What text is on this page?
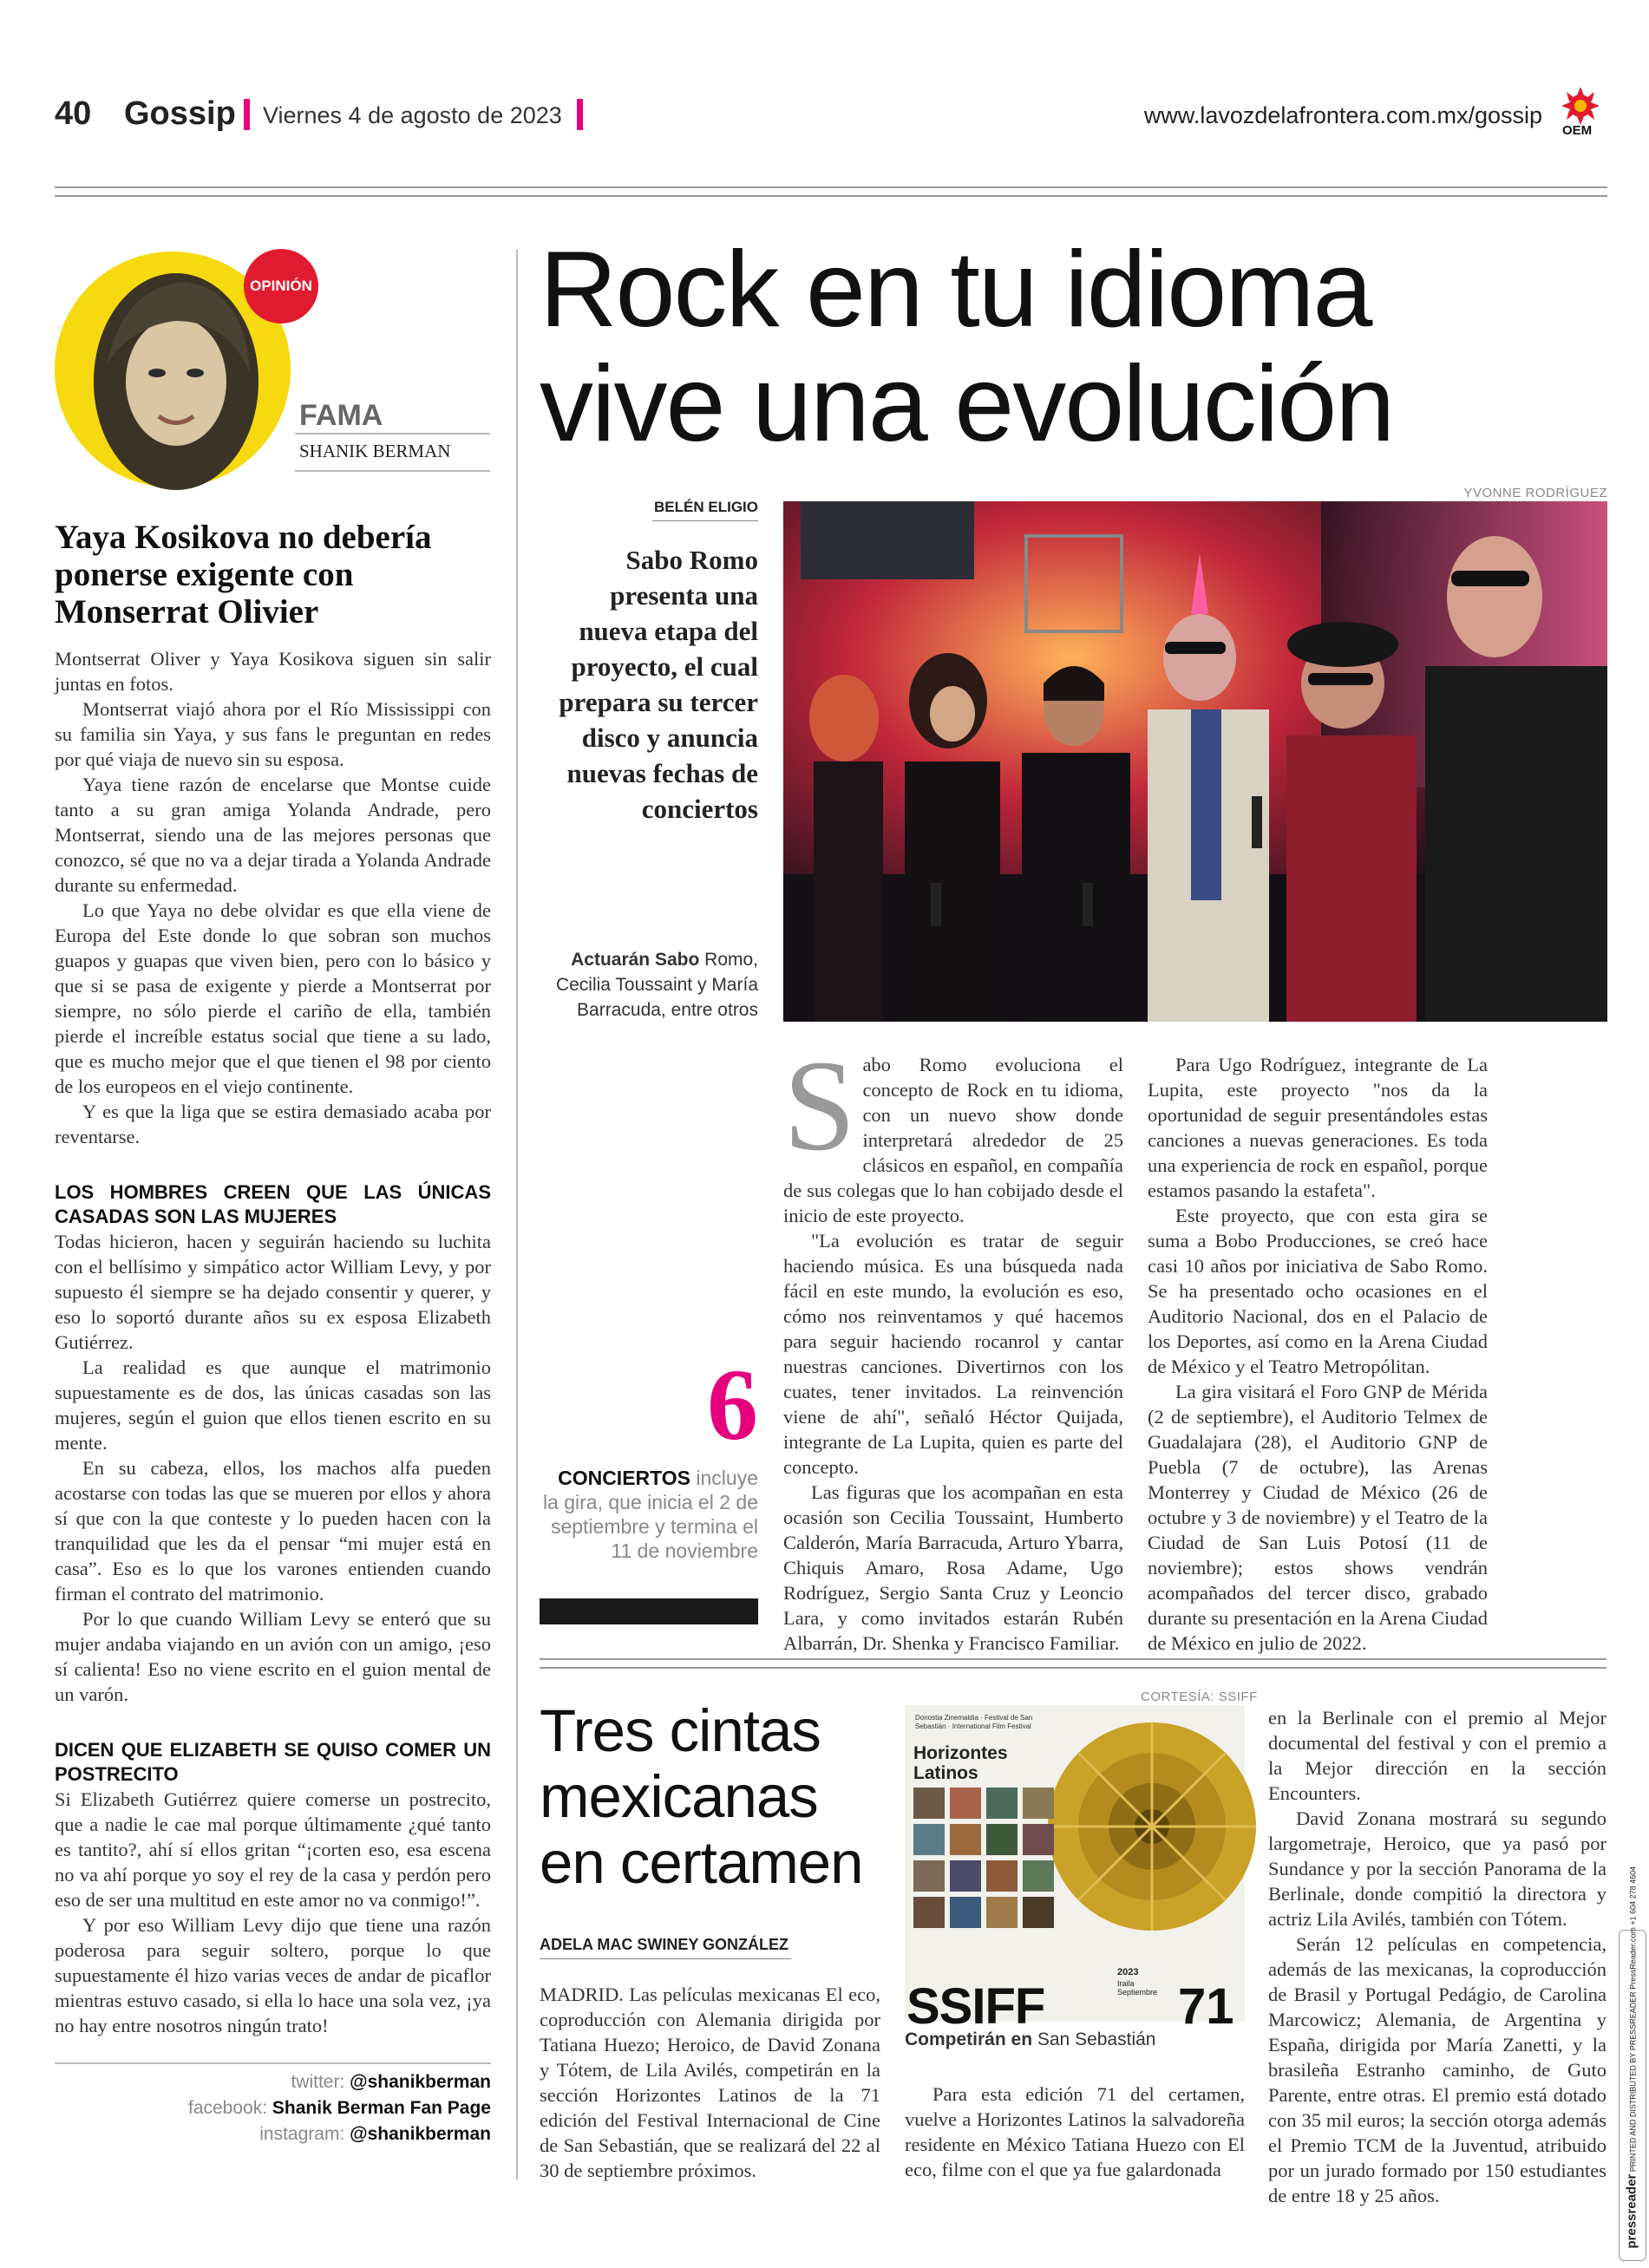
40 Gossip Viernes 4 de agosto de 2023	www.lavozdelafrontera.com.mx/gossip
OEM
OPINIÓN
FAMA
SHANIK BERMAN
Yaya Kosikova no debería ponerse exigente con Monserrat Olivier

Montserrat Oliver y Yaya Kosikova siguen sin salir juntas en fotos.

Montserrat viajó ahora por el Río Mississippi con su familia sin Yaya, y sus fans le preguntan en redes por qué viaja de nuevo sin su esposa.

Yaya tiene razón de encelarse que Montse cuide tanto a su gran amiga Yolanda Andrade, pero Montserrat, siendo una de las mejores personas que conozco, sé que no va a dejar tirada a Yolanda Andrade durante su enfermedad.

Lo que Yaya no debe olvidar es que ella viene de Europa del Este donde lo que sobran son muchos guapos y guapas que viven bien, pero con lo básico y que si se pasa de exigente y pierde a Montserrat por siempre, no sólo pierde el cariño de ella, también pierde el increíble estatus social que tiene a su lado, que es mucho mejor que el que tienen el 98 por ciento de los europeos en el viejo continente.

Y es que la liga que se estira demasiado acaba por reventarse.

LOS HOMBRES CREEN QUE LAS ÚNICAS CASADAS SON LAS MUJERES

Todas hicieron, hacen y seguirán haciendo su luchita con el bellísimo y simpático actor William Levy, y por supuesto él siempre se ha dejado consentir y querer, y eso lo soportó durante años su ex esposa Elizabeth Gutiérrez.

La realidad es que aunque el matrimonio supuestamente es de dos, las únicas casadas son las mujeres, según el guion que ellos tienen escrito en su mente.

En su cabeza, ellos, los machos alfa pueden acostarse con todas las que se mueren por ellos y ahora sí que con la que conteste y lo pueden hacen con la tranquilidad que les da el pensar “mi mujer está en casa”. Eso es lo que los varones entienden cuando firman el contrato del matrimonio.

Por lo que cuando William Levy se enteró que su mujer andaba viajando en un avión con un amigo, ¡eso sí calienta! Eso no viene escrito en el guion mental de un varón.

DICEN QUE ELIZABETH SE QUISO COMER UN POSTRECITO

Si Elizabeth Gutiérrez quiere comerse un postrecito, que a nadie le cae mal porque últimamente ¿qué tanto es tantito?, ahí sí ellos gritan “¡corten eso, esa escena no va ahí porque yo soy el rey de la casa y perdón pero eso de ser una multitud en este amor no va conmigo!”.

Y por eso William Levy dijo que tiene una razón poderosa para seguir soltero, porque lo que supuestamente él hizo varias veces de andar de picaflor mientras estuvo casado, si ella lo hace una sola vez, ¡ya no hay entre nosotros ningún trato!

twitter: @shanikberman
facebook: Shanik Berman Fan Page
instagram: @shanikberman
Rock en tu idioma
vive una evolución
YVONNE RODRÍGUEZ
BELÉN ELIGIO
Sabo Romo presenta una nueva etapa del proyecto, el cual prepara su tercer disco y anuncia nuevas fechas de conciertos
Actuarán Sabo Romo, Cecilia Toussaint y María Barracuda, entre otros
6
CONCIERTOS incluye la gira, que inicia el 2 de septiembre y termina el 11 de noviembre

Sabo Romo evoluciona el concepto de Rock en tu idioma, con un nuevo show donde interpretará alrededor de 25 clásicos en español, en compañía de sus colegas que lo han cobijado desde el inicio de este proyecto.

"La evolución es tratar de seguir haciendo música. Es una búsqueda nada fácil en este mundo, la evolución es eso, cómo nos reinventamos y qué hacemos para seguir haciendo rocanrol y cantar nuestras canciones. Divertirnos con los cuates, tener invitados. La reinvención viene de ahí", señaló Héctor Quijada, integrante de La Lupita, quien es parte del concepto.

Las figuras que los acompañan en esta ocasión son Cecilia Toussaint, Humberto Calderón, María Barracuda, Arturo Ybarra, Chiquis Amaro, Rosa Adame, Ugo Rodríguez, Sergio Santa Cruz y Leoncio Lara, y como invitados estarán Rubén Albarrán, Dr. Shenka y Francisco Familiar.

Para Ugo Rodríguez, integrante de La Lupita, este proyecto "nos da la oportunidad de seguir presentándoles estas canciones a nuevas generaciones. Es toda una experiencia de rock en español, porque estamos pasando la estafeta".

Este proyecto, que con esta gira se suma a Bobo Producciones, se creó hace casi 10 años por iniciativa de Sabo Romo. Se ha presentado ocho ocasiones en el Auditorio Nacional, dos en el Palacio de los Deportes, así como en la Arena Ciudad de México y el Teatro Metropólitan.

La gira visitará el Foro GNP de Mérida (2 de septiembre), el Auditorio Telmex de Guadalajara (28), el Auditorio GNP de Puebla (7 de octubre), las Arenas Monterrey y Ciudad de México (26 de octubre y 3 de noviembre) y el Teatro de la Ciudad de San Luis Potosí (11 de noviembre); estos shows vendrán acompañados del tercer disco, grabado durante su presentación en la Arena Ciudad de México en julio de 2022.

Tres cintas mexicanas en certamen
ADELA MAC SWINEY GONZÁLEZ

MADRID. Las películas mexicanas El eco, coproducción con Alemania dirigida por Tatiana Huezo; Heroico, de David Zonana y Tótem, de Lila Avilés, competirán en la sección Horizontes Latinos de la 71 edición del Festival Internacional de Cine de San Sebastián, que se realizará del 22 al 30 de septiembre próximos.

CORTESÍA: SSIFF
Donostia Zinemaldia · Festival de San Sebastián · International Film Festival
Horizontes Latinos
2023
Iraila Septiembre
SSIFF	71
Competirán en San Sebastián

Para esta edición 71 del certamen, vuelve a Horizontes Latinos la salvadoreña residente en México Tatiana Huezo con El eco, filme con el que ya fue galardonada

en la Berlinale con el premio al Mejor documental del festival y con el premio a la Mejor dirección en la sección Encounters.

David Zonana mostrará su segundo largometraje, Heroico, que ya pasó por Sundance y por la sección Panorama de la Berlinale, donde compitió la directora y actriz Lila Avilés, también con Tótem.

Serán 12 películas en competencia, además de las mexicanas, la coproducción de Brasil y Portugal Pedágio, de Carolina Marcowicz; Alemania, de Argentina y España, dirigida por María Zanetti, y la brasileña Estranho caminho, de Guto Parente, entre otras. El premio está dotado con 35 mil euros; la sección otorga además el Premio TCM de la Juventud, atribuido por un jurado formado por 150 estudiantes de entre 18 y 25 años.	pressreader PRINTED AND DISTRIBUTED BY PRESSREADER PressReader.com +1 604 278 4604
